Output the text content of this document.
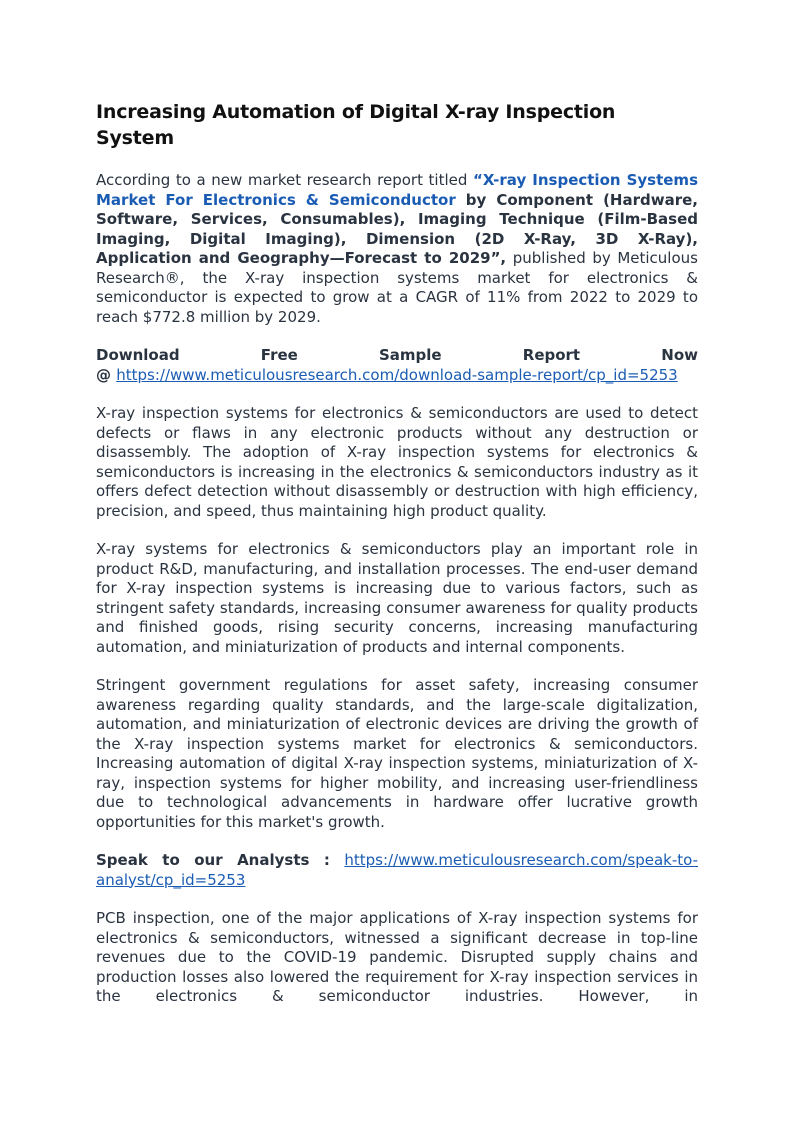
Increasing Automation of Digital X-ray Inspection System

According to a new market research report titled “X-ray Inspection Systems Market For Electronics & Semiconductor by Component (Hardware, Software, Services, Consumables), Imaging Technique (Film-Based Imaging, Digital Imaging), Dimension (2D X-Ray, 3D X-Ray), Application and Geography—Forecast to 2029”, published by Meticulous Research®, the X-ray inspection systems market for electronics & semiconductor is expected to grow at a CAGR of 11% from 2022 to 2029 to reach $772.8 million by 2029.

Download	Free	Sample	Report	Now
@ https://www.meticulousresearch.com/download-sample-report/cp_id=5253

X-ray inspection systems for electronics & semiconductors are used to detect defects or flaws in any electronic products without any destruction or disassembly. The adoption of X-ray inspection systems for electronics & semiconductors is increasing in the electronics & semiconductors industry as it offers defect detection without disassembly or destruction with high efficiency, precision, and speed, thus maintaining high product quality.

X-ray systems for electronics & semiconductors play an important role in product R&D, manufacturing, and installation processes. The end-user demand for X-ray inspection systems is increasing due to various factors, such as stringent safety standards, increasing consumer awareness for quality products and finished goods, rising security concerns, increasing manufacturing automation, and miniaturization of products and internal components.

Stringent government regulations for asset safety, increasing consumer awareness regarding quality standards, and the large-scale digitalization, automation, and miniaturization of electronic devices are driving the growth of the X-ray inspection systems market for electronics & semiconductors. Increasing automation of digital X-ray inspection systems, miniaturization of X-ray, inspection systems for higher mobility, and increasing user-friendliness due to technological advancements in hardware offer lucrative growth opportunities for this market's growth.

Speak to our Analysts : https://www.meticulousresearch.com/speak-to-analyst/cp_id=5253

PCB inspection, one of the major applications of X-ray inspection systems for electronics & semiconductors, witnessed a significant decrease in top-line revenues due to the COVID-19 pandemic. Disrupted supply chains and production losses also lowered the requirement for X-ray inspection services in the electronics & semiconductor industries. However, in
